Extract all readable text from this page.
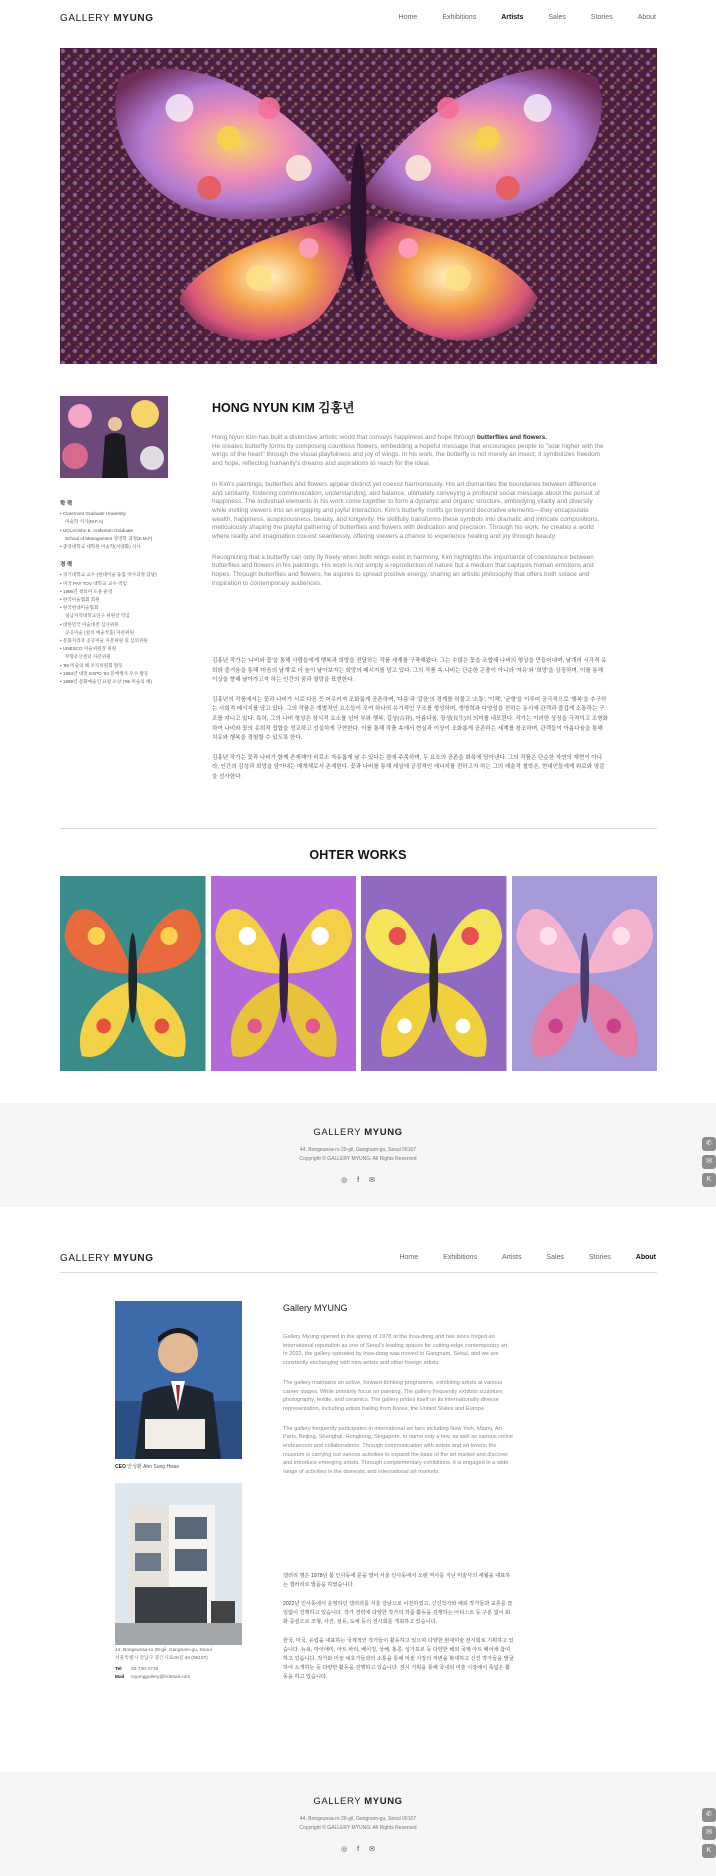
GALLERY MYUNG	Home	Exhibitions	Artists	Sales	Stories	About
학 력
• Claremont Graduate University
미술학 석사(M.F.A)
• UCLA/John E. Anderson Graduate
School of Management 경영학 과정(E.M.F)
• 중앙대학교 대학원 미술학(서양화) 석사
경 력
• 경기대학교 교수 (현대미술 융합 박사과정 담당)
• 미국 PAY TOV 대학교 교수 역임
• 1986년 결의미 도울 운영
• 한국미술협회 회원
• 한국현대미술협회
성남지역대학교연구 위원장 역임
• 대한민국 미술대전 심사위원
공공미술 (설치 예술작품) 자문위원
• 문화지리축 공공미술 자문위원 및 심의위원
• UNESCO 미술위원장 위원
무형유산센터 자문위원
• '95 미술의 해 조직위원회 활동
• 1994년 대전 EXPO '94 문예행사 우수 활동
• 1999년 문화예술인 표창 포상 ('95 미술의 해)
HONG NYUN KIM 김홍년

Hong Nyun Kim has built a distinctive artistic world that conveys happiness and hope through butterflies and flowers.
He creates butterfly forms by composing countless flowers, embedding a hopeful message that encourages people to "soar higher with the wings of the heart" through the visual playfulness and joy of wings. In his work, the butterfly is not merely an insect; it symbolizes freedom and hope, reflecting humanity's dreams and aspirations to reach for the ideal.

In Kim's paintings, butterflies and flowers appear distinct yet coexist harmoniously. His art dismantles the boundaries between difference and similarity, fostering communication, understanding, and balance, ultimately conveying a profound social message about the pursuit of happiness. The individual elements in his work come together to form a dynamic and organic structure, embodying vitality and diversity while inviting viewers into an engaging and joyful interaction. Kim's butterfly motifs go beyond decorative elements—they encapsulate wealth, happiness, auspiciousness, beauty, and longevity. He skillfully transforms these symbols into dramatic and intricate compositions, meticulously shaping the playful gathering of butterflies and flowers with dedication and precision. Through his work, he creates a world where reality and imagination coexist seamlessly, offering viewers a chance to experience healing and joy through beauty.

Recognizing that a butterfly can only fly freely when both wings exist in harmony, Kim highlights the importance of coexistence between butterflies and flowers in his paintings. His work is not simply a reproduction of nature but a medium that captures human emotions and hopes. Through butterflies and flowers, he aspires to spread positive energy, sharing an artistic philosophy that offers both solace and inspiration to contemporary audiences.

김홍년 작가는 '나비와 꽃'을 통해 사람들에게 행복과 희망을 전달하는 작품 세계를 구축해왔다. 그는 수많은 꽃을 조합해 나비의 형상을 만들어내며, 날개의 시각적 유희와 즐거움을 통해 '마음의 날개'로 더 높이 날아보자는 희망의 메시지를 담고 있다. 그의 작품 속 나비는 단순한 곤충이 아니라 '자유'와 '희망'을 상징하며, 이를 통해 이상을 향해 날아가고자 하는 인간의 꿈과 열망을 표현한다.

김홍년의 작품에서는 꽃과 나비가 서로 다른 듯 어우러져 조화롭게 공존하며, '다름'과 '같음'의 경계를 허물고 '소통', '이해', '균형'을 이루어 궁극적으로 '행복'을 추구하는 사회적 메시지를 담고 있다. 그의 작품은 개별적인 요소들이 모여 하나의 유기적인 구조를 형성하며, 생명력과 다양성을 전하는 동시에 관객과 즐겁게 소통하는 구조를 지니고 있다. 특히, 그의 나비 형상은 장식적 요소를 넘어 부와 행복, 길상(吉祥), 아름다움, 장생(長生)의 의미를 내포한다. 작가는 이러한 상징을 극적이고 조형화하여 나비와 꽃의 유희적 집합을 정교하고 성실하게 구현한다. 이를 통해 작품 속에서 현실과 이상이 조화롭게 공존하는 세계를 창조하며, 관객들이 아름다움을 통해 치유와 행복을 경험할 수 있도록 한다.

김홍년 작가는 꽃과 나비가 함께 존재해야 비로소 자유롭게 날 수 있다는 점에 주목하며, 두 요소의 공존을 화폭에 담아낸다. 그의 작품은 단순한 자연의 재현이 아니라, 인간의 감성과 희망을 담아내는 매개체로서 존재한다. 꽃과 나비를 통해 세상에 긍정적인 에너지를 전하고자 하는 그의 예술적 철학은, 현대인들에게 위로와 영감을 선사한다.

OHTER WORKS
GALLERY MYUNG
44, Bongeunsa-ro 29-gil, Gangnam-gu, Seoul 06107
Copyright © GALLERY MYUNG. All Rights Reserved
◎ f ✉
✆
✉
K
GALLERY MYUNG	Home	Exhibitions	Artists	Sales	Stories	About
CEO 안성환 Ahn Sung Hwan
44, Bongeunsa-ro 29-gil, Gangnam-gu, Seoul
서울특별시 강남구 봉은사로29길 44 (06107)
Tel 02-720-4719
Mail myunggallery@hotmail.com
Gallery MYUNG

Gallery Myung opened in the spring of 1978 at the Insa-dong and has since forged an international reputation as one of Seoul's leading spaces for cutting-edge contemporary art. In 2022, the gallery operated by Insa-dong was moved to Gangnam, Seoul, and we are constantly exchanging with new artists and other foreign artists.

The gallery maintains an active, forward-thinking programme, exhibiting artists at various career stages. While primarily focus on painting. The gallery frequently exhibits sculpture, photography, textile, and ceramics. The gallery prides itself on its internationally diverse representation, including artists hailing from Korea, the United States and Europe.

The gallery frequently participates in international art fairs including New York, Miami, Art Paris, Beijing, Shanghai, Hongkong, Singapore, to name only a few, as well as various online endeavours and collaborations. Through communication with artists and art lovers, the museum is carrying out various activities to expand the base of the art market and discover and introduce emerging artists. Through complementary exhibitions, it is engaged in a wide range of activities in the domestic and international art markets.

갤러리 명은 1978년 봄 인사동에 문을 열어 서울 인사동에서 오랜 역사를 지닌 미술사의 세월을 대표하는 갤러리로 발돋움 하였습니다.

2022년 인사동에서 운영하던 갤러리를 서울 강남으로 이전하였고, 신진작가와 해외 작가들과 교류를 끊임없이 진행하고 있습니다. 작가 경력에 다양한 작가의 작품 활동을 진행하는 아티스트 등 구분 없이 회화 중심으로 조형, 사진, 섬유, 도예 등의 전시회를 개최하고 있습니다.

한국, 미국, 유럽을 대표하는 국제적인 작가들이 활동하고 있으며 다양한 현대미술 전시회로 기획하고 있습니다. 뉴욕, 마이애미, 아트 파리, 베이징, 상해, 홍콩, 싱가포르 등 다양한 해외 국제 아트 페어에 참여하고 있습니다. 작가와 미술 애호가들과의 소통을 통해 미술 시장의 저변을 확대하고 신진 작가들을 발굴하여 소개하는 등 다양한 활동을 진행하고 있습니다. 전시 기획을 통해 국내외 미술 시장에서 폭넓은 활동을 하고 있습니다.

GALLERY MYUNG
44, Bongeunsa-ro 29-gil, Gangnam-gu, Seoul 06107
Copyright © GALLERY MYUNG. All Rights Reserved
◎ f ✉
✆
✉
K
